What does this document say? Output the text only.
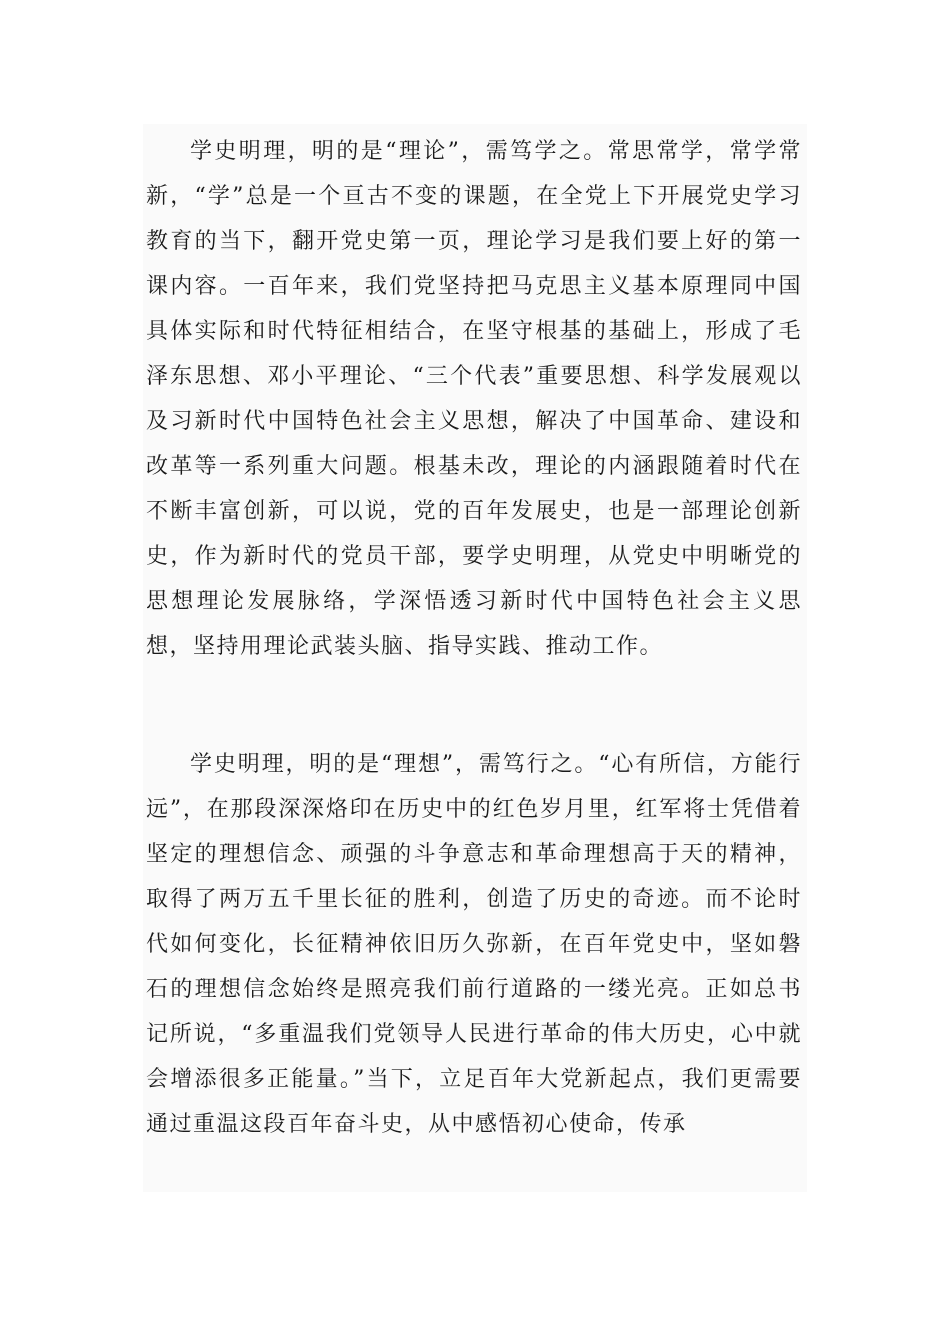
学史明理，明的是“理论”，需笃学之。常思常学，常学常新，“学”总是一个亘古不变的课题，在全党上下开展党史学习教育的当下，翻开党史第一页，理论学习是我们要上好的第一课内容。一百年来，我们党坚持把马克思主义基本原理同中国具体实际和时代特征相结合，在坚守根基的基础上，形成了毛泽东思想、邓小平理论、“三个代表”重要思想、科学发展观以及习新时代中国特色社会主义思想，解决了中国革命、建设和改革等一系列重大问题。根基未改，理论的内涵跟随着时代在不断丰富创新，可以说，党的百年发展史，也是一部理论创新史，作为新时代的党员干部，要学史明理，从党史中明晰党的思想理论发展脉络，学深悟透习新时代中国特色社会主义思想，坚持用理论武装头脑、指导实践、推动工作。

学史明理，明的是“理想”，需笃行之。“心有所信，方能行远”，在那段深深烙印在历史中的红色岁月里，红军将士凭借着坚定的理想信念、顽强的斗争意志和革命理想高于天的精神，取得了两万五千里长征的胜利，创造了历史的奇迹。而不论时代如何变化，长征精神依旧历久弥新，在百年党史中，坚如磐石的理想信念始终是照亮我们前行道路的一缕光亮。正如总书记所说，“多重温我们党领导人民进行革命的伟大历史，心中就会增添很多正能量。”当下，立足百年大党新起点，我们更需要通过重温这段百年奋斗史，从中感悟初心使命，传承
